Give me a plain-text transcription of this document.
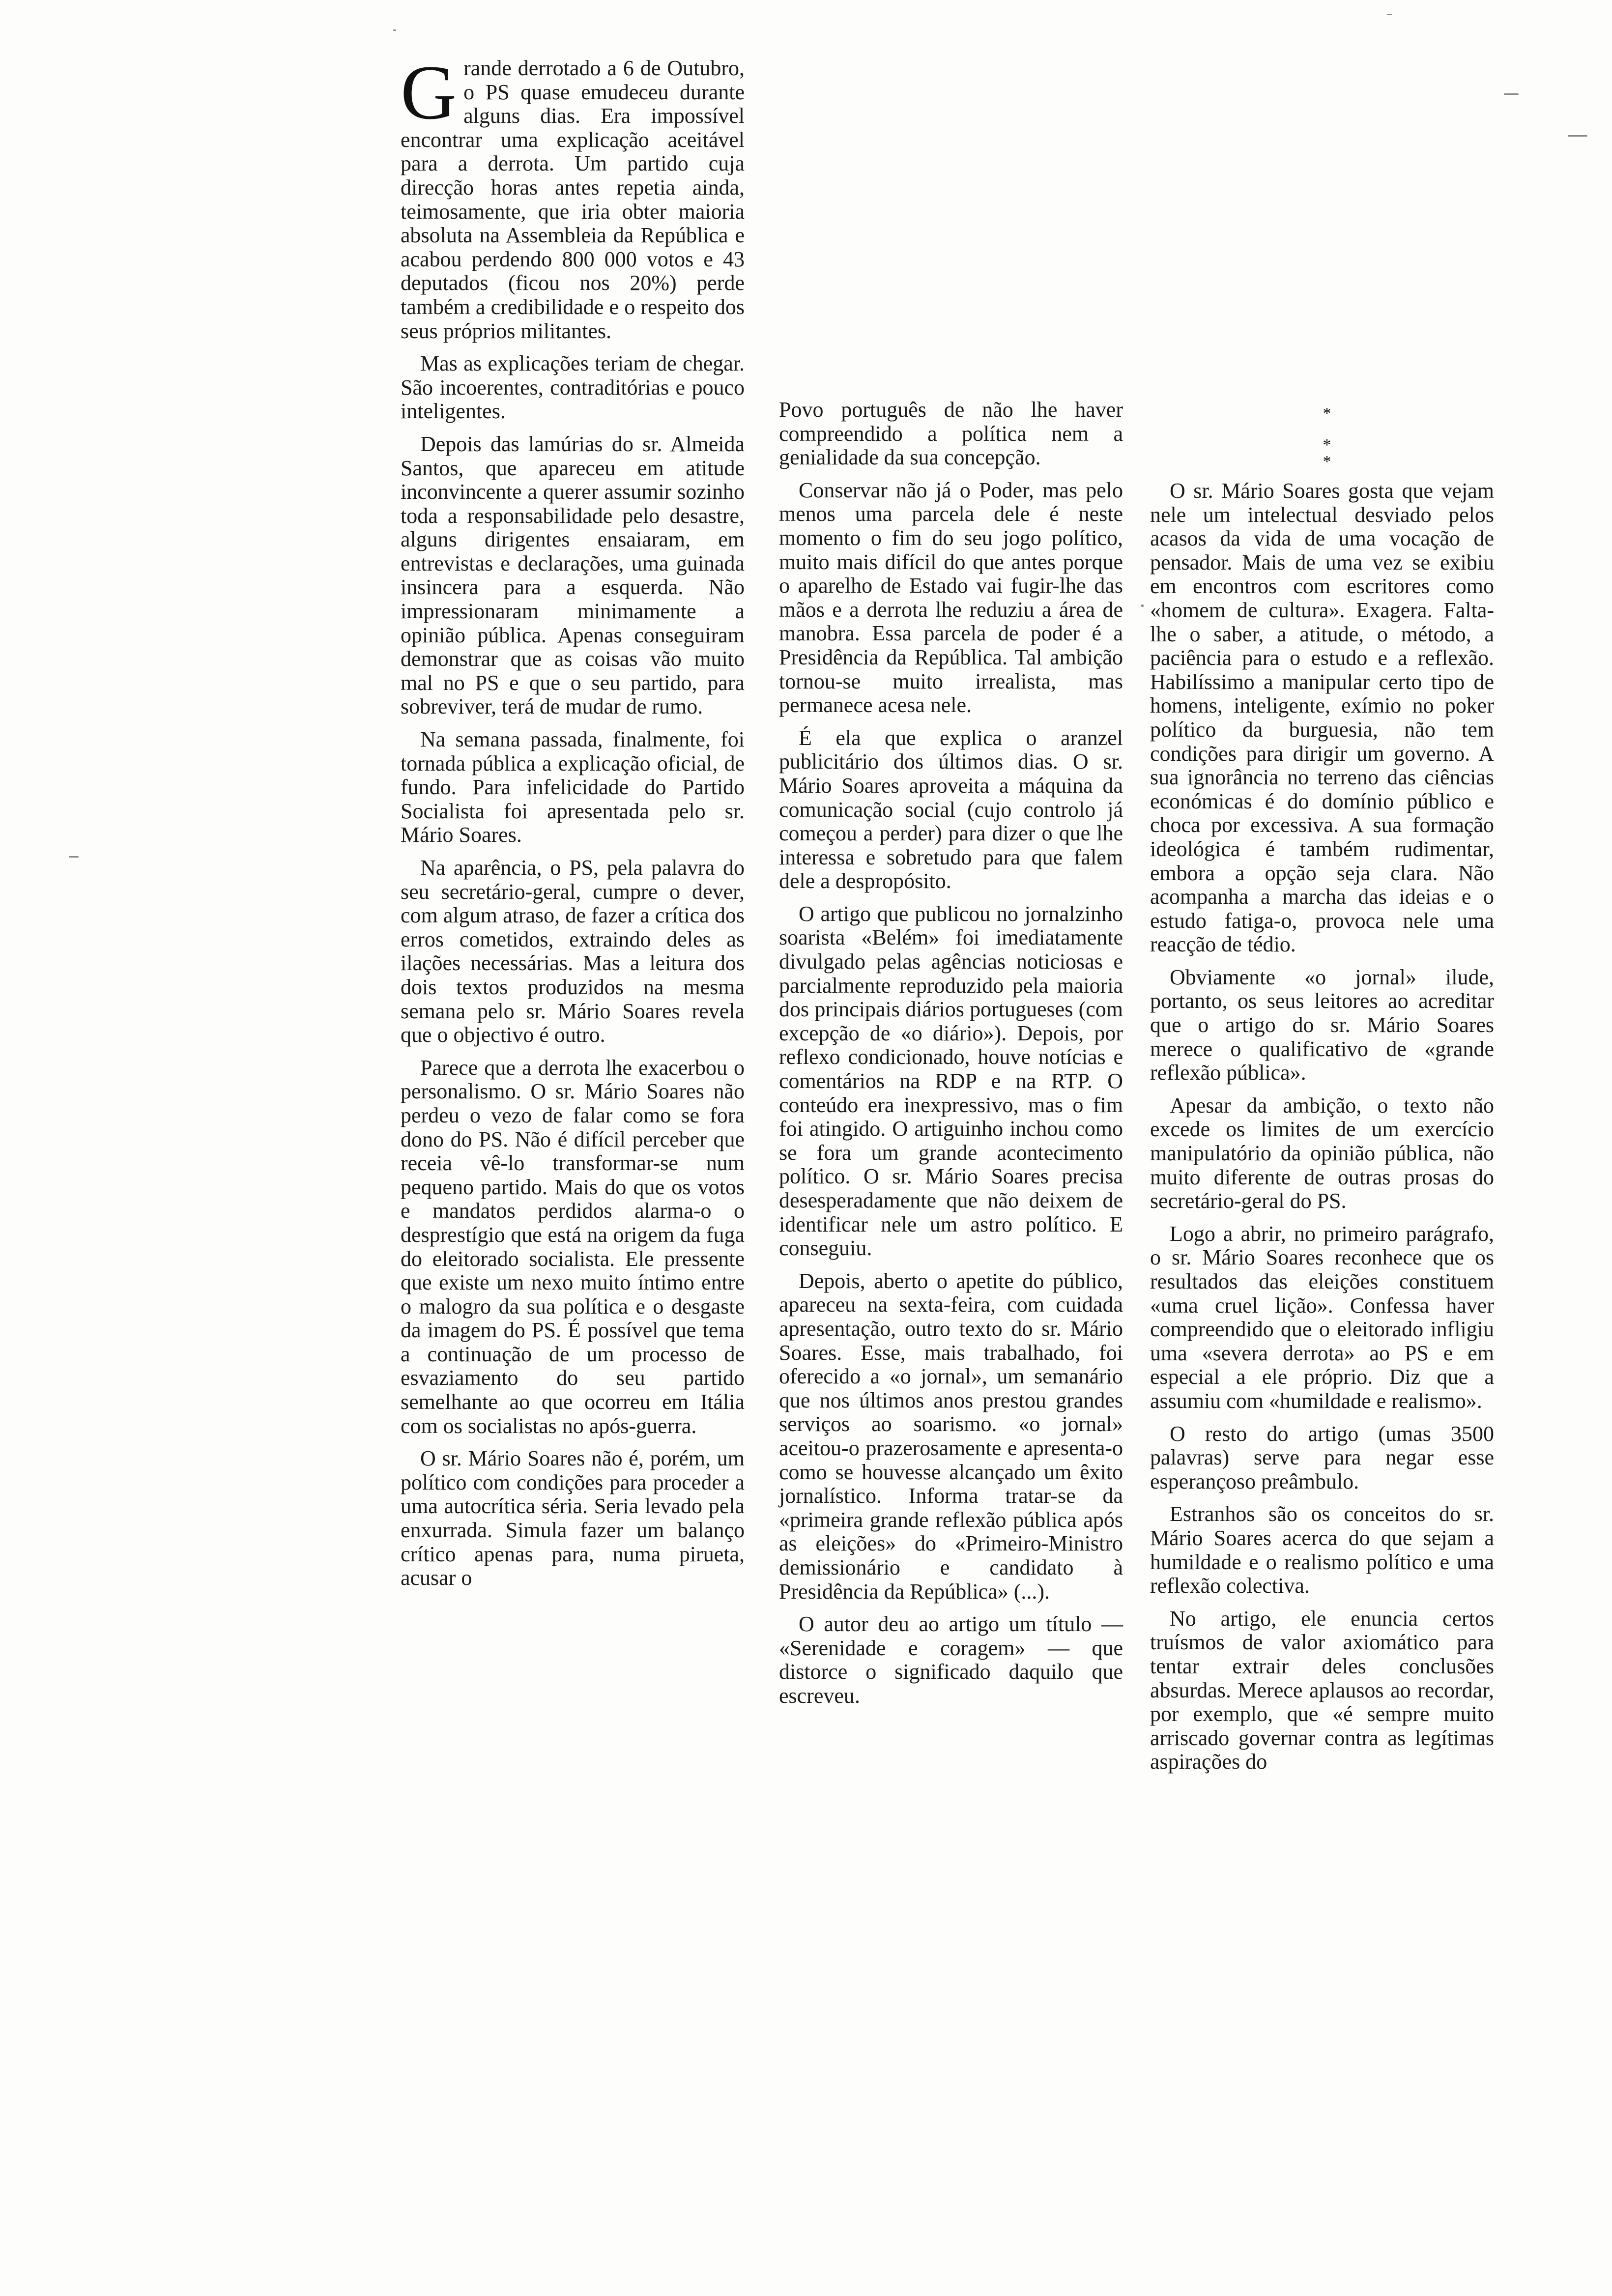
Grande derrotado a 6 de Outubro, o PS quase emudeceu durante alguns dias. Era impossível encontrar uma explicação aceitável para a derrota. Um partido cuja direcção horas antes repetia ainda, teimosamente, que iria obter maioria absoluta na Assembleia da República e acabou perdendo 800 000 votos e 43 deputados (ficou nos 20%) perde também a credibilidade e o respeito dos seus próprios militantes.

Mas as explicações teriam de chegar. São incoerentes, contraditórias e pouco inteligentes.

Depois das lamúrias do sr. Almeida Santos, que apareceu em atitude inconvincente a querer assumir sozinho toda a responsabilidade pelo desastre, alguns dirigentes ensaiaram, em entrevistas e declarações, uma guinada insincera para a esquerda. Não impressionaram minimamente a opinião pública. Apenas conseguiram demonstrar que as coisas vão muito mal no PS e que o seu partido, para sobreviver, terá de mudar de rumo.

Na semana passada, finalmente, foi tornada pública a explicação oficial, de fundo. Para infelicidade do Partido Socialista foi apresentada pelo sr. Mário Soares.

Na aparência, o PS, pela palavra do seu secretário-geral, cumpre o dever, com algum atraso, de fazer a crítica dos erros cometidos, extraindo deles as ilações necessárias. Mas a leitura dos dois textos produzidos na mesma semana pelo sr. Mário Soares revela que o objectivo é outro.

Parece que a derrota lhe exacerbou o personalismo. O sr. Mário Soares não perdeu o vezo de falar como se fora dono do PS. Não é difícil perceber que receia vê-lo transformar-se num pequeno partido. Mais do que os votos e mandatos perdidos alarma-o o desprestígio que está na origem da fuga do eleitorado socialista. Ele pressente que existe um nexo muito íntimo entre o malogro da sua política e o desgaste da imagem do PS. É possível que tema a continuação de um processo de esvaziamento do seu partido semelhante ao que ocorreu em Itália com os socialistas no após-guerra.

O sr. Mário Soares não é, porém, um político com condições para proceder a uma autocrítica séria. Seria levado pela enxurrada. Simula fazer um balanço crítico apenas para, numa pirueta, acusar o

Povo português de não lhe haver compreendido a política nem a genialidade da sua concepção.

Conservar não já o Poder, mas pelo menos uma parcela dele é neste momento o fim do seu jogo político, muito mais difícil do que antes porque o aparelho de Estado vai fugir-lhe das mãos e a derrota lhe reduziu a área de manobra. Essa parcela de poder é a Presidência da República. Tal ambição tornou-se muito irrealista, mas permanece acesa nele.

É ela que explica o aranzel publicitário dos últimos dias. O sr. Mário Soares aproveita a máquina da comunicação social (cujo controlo já começou a perder) para dizer o que lhe interessa e sobretudo para que falem dele a despropósito.

O artigo que publicou no jornalzinho soarista «Belém» foi imediatamente divulgado pelas agências noticiosas e parcialmente reproduzido pela maioria dos principais diários portugueses (com excepção de «o diário»). Depois, por reflexo condicionado, houve notícias e comentários na RDP e na RTP. O conteúdo era inexpressivo, mas o fim foi atingido. O artiguinho inchou como se fora um grande acontecimento político. O sr. Mário Soares precisa desesperadamente que não deixem de identificar nele um astro político. E conseguiu.

Depois, aberto o apetite do público, apareceu na sexta-feira, com cuidada apresentação, outro texto do sr. Mário Soares. Esse, mais trabalhado, foi oferecido a «o jornal», um semanário que nos últimos anos prestou grandes serviços ao soarismo. «o jornal» aceitou-o prazerosamente e apresenta-o como se houvesse alcançado um êxito jornalístico. Informa tratar-se da «primeira grande reflexão pública após as eleições» do «Primeiro-Ministro demissionário e candidato à Presidência da República» (...).

O autor deu ao artigo um título — «Serenidade e coragem» — que distorce o significado daquilo que escreveu.

*
* *

O sr. Mário Soares gosta que vejam nele um intelectual desviado pelos acasos da vida de uma vocação de pensador. Mais de uma vez se exibiu em encontros com escritores como «homem de cultura». Exagera. Falta-lhe o saber, a atitude, o método, a paciência para o estudo e a reflexão. Habilíssimo a manipular certo tipo de homens, inteligente, exímio no poker político da burguesia, não tem condições para dirigir um governo. A sua ignorância no terreno das ciências económicas é do domínio público e choca por excessiva. A sua formação ideológica é também rudimentar, embora a opção seja clara. Não acompanha a marcha das ideias e o estudo fatiga-o, provoca nele uma reacção de tédio.

Obviamente «o jornal» ilude, portanto, os seus leitores ao acreditar que o artigo do sr. Mário Soares merece o qualificativo de «grande reflexão pública».

Apesar da ambição, o texto não excede os limites de um exercício manipulatório da opinião pública, não muito diferente de outras prosas do secretário-geral do PS.

Logo a abrir, no primeiro parágrafo, o sr. Mário Soares reconhece que os resultados das eleições constituem «uma cruel lição». Confessa haver compreendido que o eleitorado infligiu uma «severa derrota» ao PS e em especial a ele próprio. Diz que a assumiu com «humildade e realismo».

O resto do artigo (umas 3500 palavras) serve para negar esse esperançoso preâmbulo.

Estranhos são os conceitos do sr. Mário Soares acerca do que sejam a humildade e o realismo político e uma reflexão colectiva.

No artigo, ele enuncia certos truísmos de valor axiomático para tentar extrair deles conclusões absurdas. Merece aplausos ao recordar, por exemplo, que «é sempre muito arriscado governar contra as legítimas aspirações do
